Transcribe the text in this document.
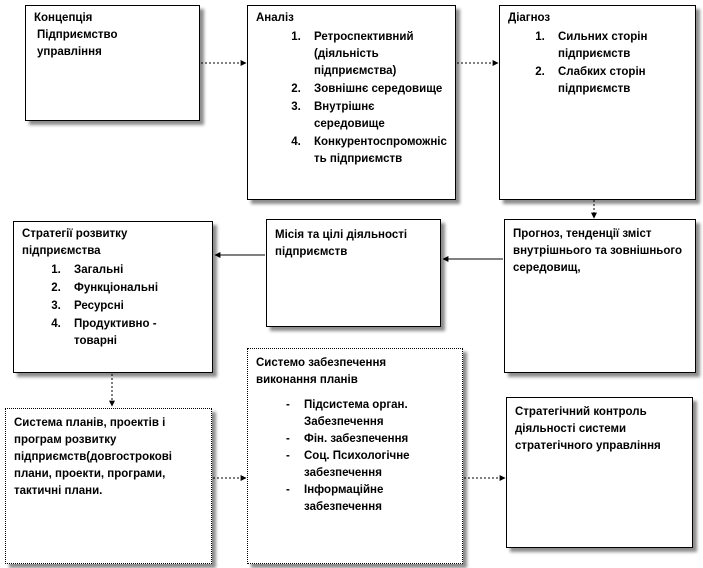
Концепція
Підприємство управління
Аналіз
1. Ретроспективний (діяльність підприємства)
2. Зовнішнє середовище
3. Внутрішнє середовище
4. Конкурентоспроможність підприємств
Діагноз
1. Сильних сторін підприємств
2. Слабких сторін підприємств
Прогноз, тенденції зміст внутрішнього та зовнішнього середовищ,
Місія та цілі діяльності підприємств
Стратегії розвитку підприємства
1. Загальні
2. Функціональні
3. Ресурсні
4. Продуктивно - товарні
Система планів, проектів і програм розвитку підприємств(довгострокові плани, проекти, програми, тактичні плани.
Системо забезпечення виконання планів
- Підсистема орган. Забезпечення
- Фін. забезпечення
- Соц. Психологічне забезпечення
- Інформаційне забезпечення
Стратегічний контроль діяльності системи стратегічного управління
